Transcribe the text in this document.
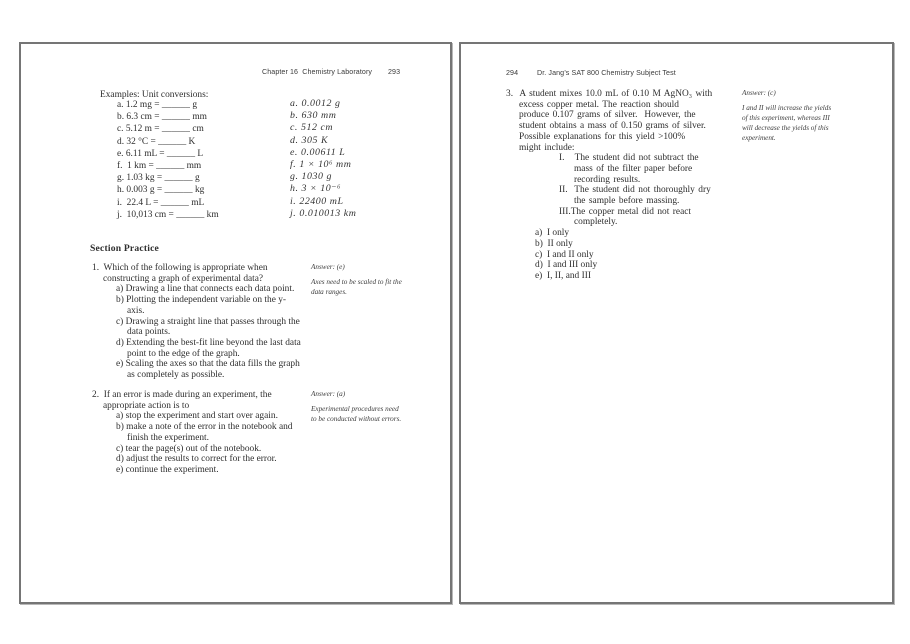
Chapter 16  Chemistry Laboratory 293
Examples: Unit conversions:
a. 1.2 mg = ______ g
b. 6.3 cm = ______ mm
c. 5.12 m = ______ cm
d. 32 °C = ______ K
e. 6.11 mL = ______ L
f.  1 km = ______ mm
g. 1.03 kg = ______ g
h. 0.003 g = ______ kg
i.  22.4 L = ______ mL
j.  10,013 cm = ______ km
a. 0.0012 g
b. 630 mm
c. 512 cm
d. 305 K
e. 0.00611 L
f. 1 × 10⁶ mm
g. 1030 g
h. 3 × 10⁻⁶
i. 22400 mL
j. 0.010013 km
Section Practice
1.  Which of the following is appropriate when
constructing a graph of experimental data?
a) Drawing a line that connects each data point.
b) Plotting the independent variable on the y-
axis.
c) Drawing a straight line that passes through the
data points.
d) Extending the best-fit line beyond the last data
point to the edge of the graph.
e) Scaling the axes so that the data fills the graph
as completely as possible.
Answer: (e)
Axes need to be scaled to fit the
data ranges.
2.  If an error is made during an experiment, the
appropriate action is to
a) stop the experiment and start over again.
b) make a note of the error in the notebook and
finish the experiment.
c) tear the page(s) out of the notebook.
d) adjust the results to correct for the error.
e) continue the experiment.
Answer: (a)
Experimental procedures need
to be conducted without errors.
294	Dr. Jang’s SAT 800 Chemistry Subject Test
3.  A student mixes 10.0 mL of 0.10 M AgNO₃ with
excess copper metal. The reaction should
produce 0.107 grams of silver.  However, the
student obtains a mass of 0.150 grams of silver.
Possible explanations for this yield >100%
might include:
I.   The student did not subtract the
mass of the filter paper before
recording results.
II.  The student did not thoroughly dry
the sample before massing.
III.The copper metal did not react
completely.
a)  I only
b)  II only
c)  I and II only
d)  I and III only
e)  I, II, and III
Answer: (c)
I and II will increase the yields
of this experiment, whereas III
will decrease the yields of this
experiment.
